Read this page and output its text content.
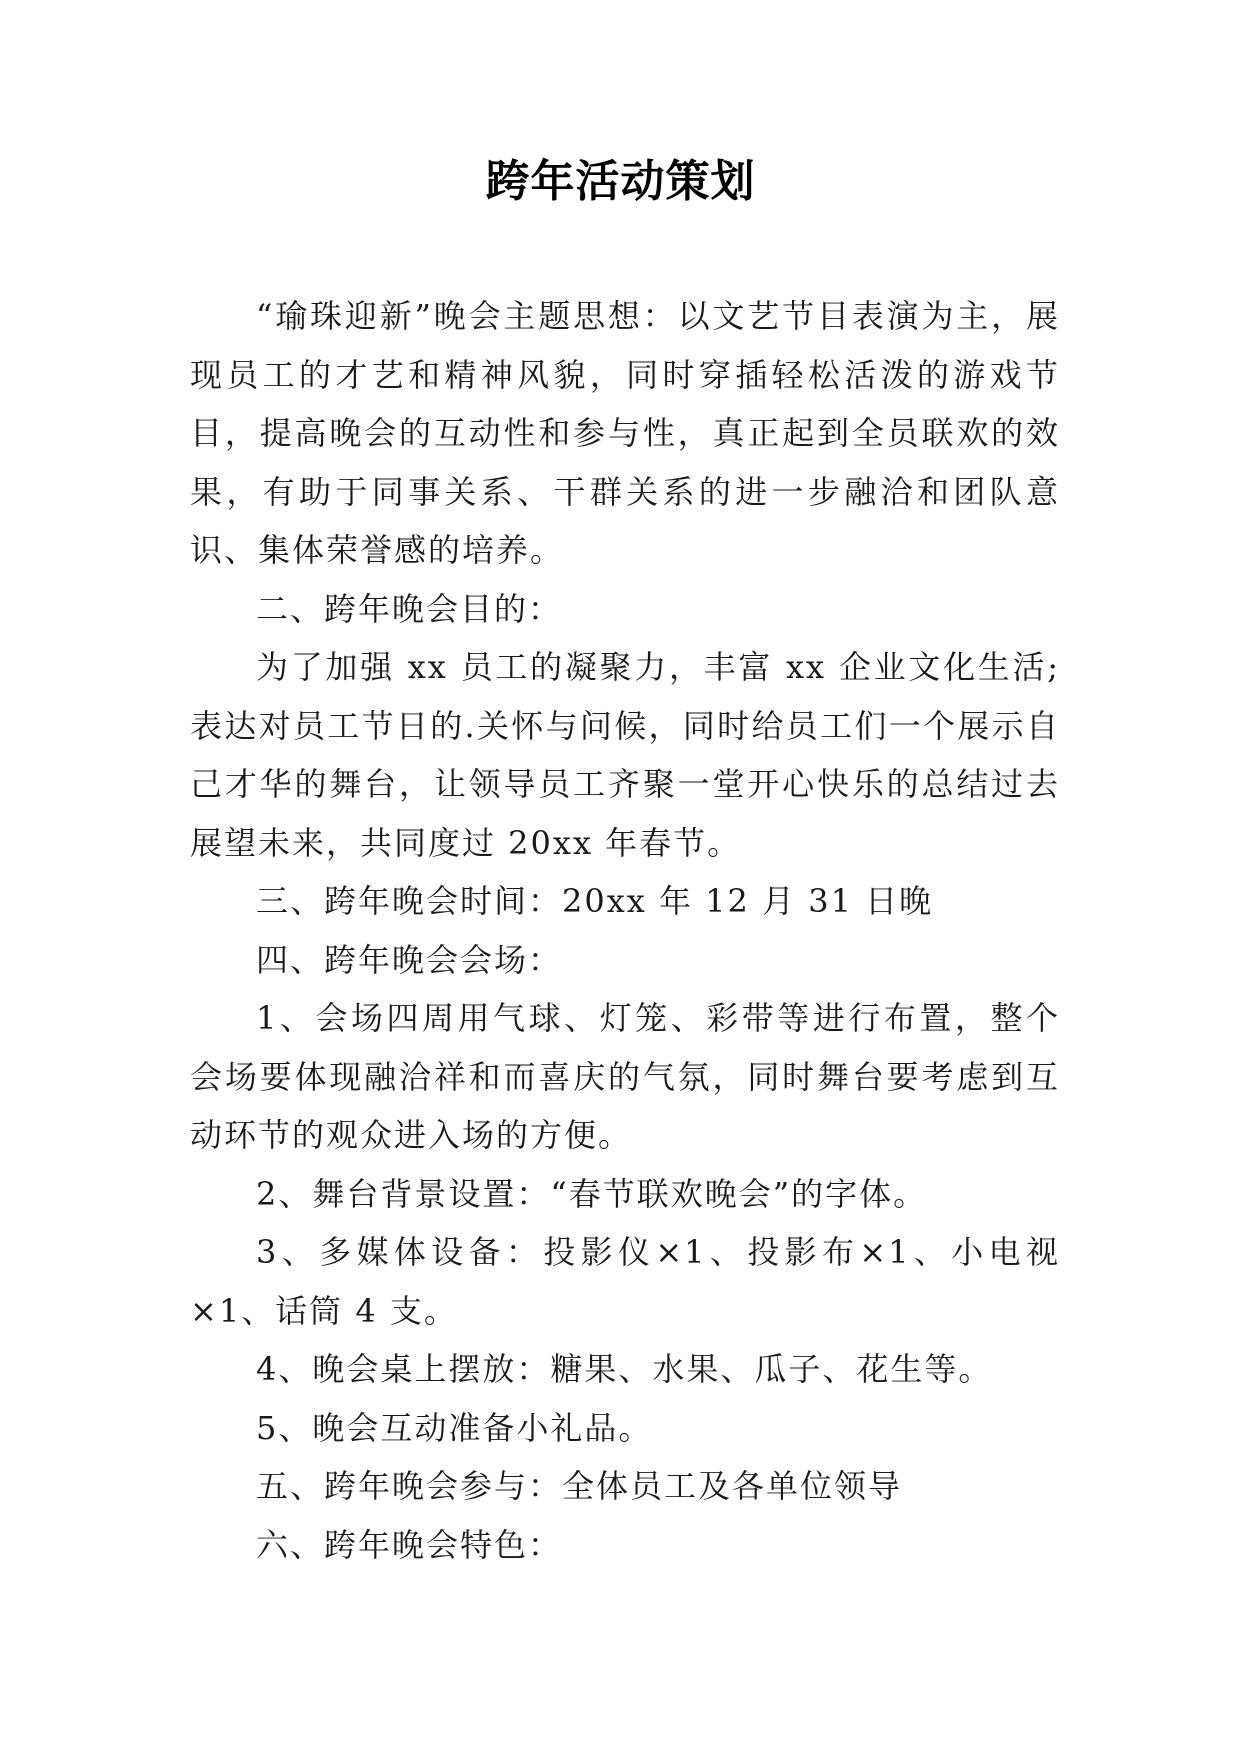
跨年活动策划

“瑜珠迎新”晚会主题思想：以文艺节目表演为主，展现员工的才艺和精神风貌，同时穿插轻松活泼的游戏节目，提高晚会的互动性和参与性，真正起到全员联欢的效果，有助于同事关系、干群关系的进一步融洽和团队意识、集体荣誉感的培养。

二、跨年晚会目的：

为了加强 xx 员工的凝聚力，丰富 xx 企业文化生活;表达对员工节日的.关怀与问候，同时给员工们一个展示自己才华的舞台，让领导员工齐聚一堂开心快乐的总结过去展望未来，共同度过 20xx 年春节。

三、跨年晚会时间：20xx 年 12 月 31 日晚

四、跨年晚会会场：

1、会场四周用气球、灯笼、彩带等进行布置，整个会场要体现融洽祥和而喜庆的气氛，同时舞台要考虑到互动环节的观众进入场的方便。

2、舞台背景设置：“春节联欢晚会”的字体。

3、多媒体设备：投影仪×1、投影布×1、小电视×1、话筒 4 支。

4、晚会桌上摆放：糖果、水果、瓜子、花生等。

5、晚会互动准备小礼品。

五、跨年晚会参与：全体员工及各单位领导

六、跨年晚会特色：
